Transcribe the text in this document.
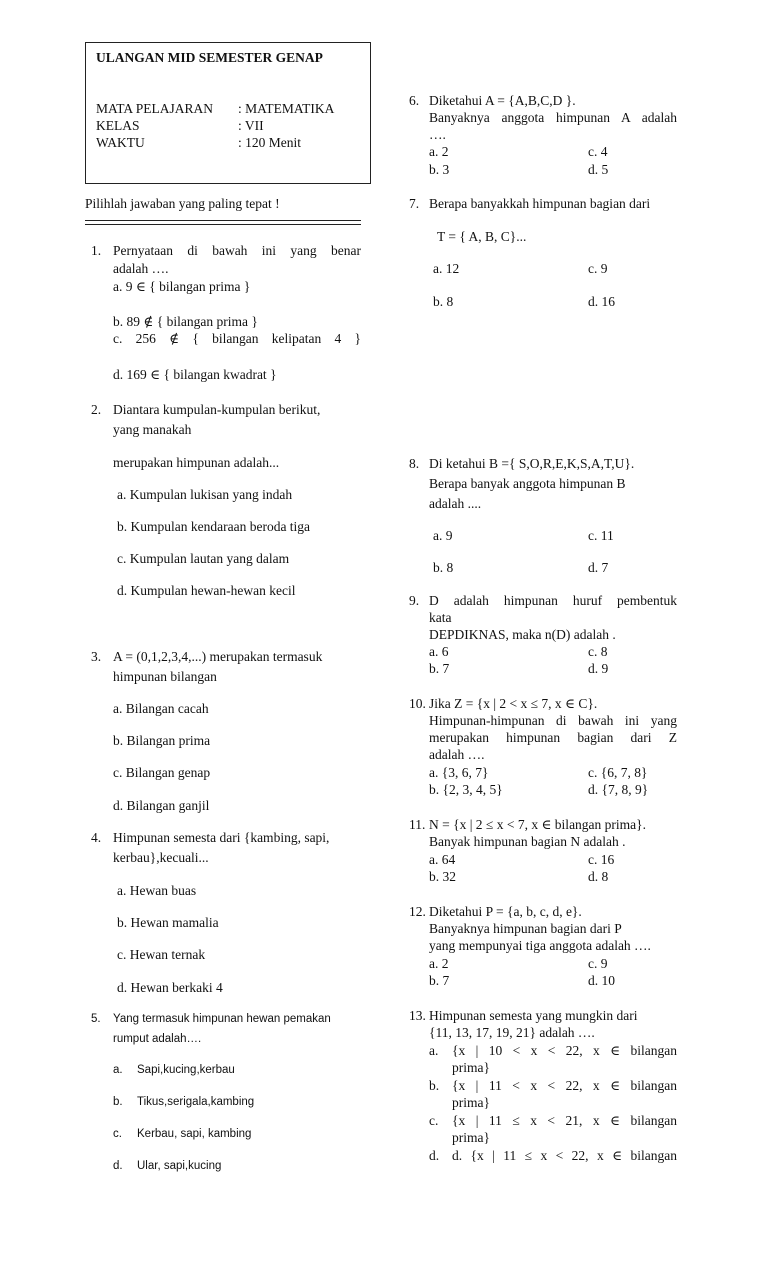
ULANGAN MID SEMESTER GENAP
MATA PELAJARAN : MATEMATIKA
KELAS	: VII
WAKTU	: 120 Menit
Pilihlah jawaban yang paling tepat !
1. Pernyataan di bawah ini yang benar
adalah ….
a. 9 ∈ { bilangan prima }
b. 89 ∉ { bilangan prima }
c. 256 ∉ { bilangan kelipatan 4 }
d. 169 ∈ { bilangan kwadrat }
2. Diantara kumpulan-kumpulan berikut,
yang manakah
merupakan himpunan adalah...
a. Kumpulan lukisan yang indah
b. Kumpulan kendaraan beroda tiga
c. Kumpulan lautan yang dalam
d. Kumpulan hewan-hewan kecil
3. A = (0,1,2,3,4,...) merupakan termasuk
himpunan bilangan
a. Bilangan cacah
b. Bilangan prima
c. Bilangan genap
d. Bilangan ganjil
4. Himpunan semesta dari {kambing, sapi,
kerbau},kecuali...
a. Hewan buas
b. Hewan mamalia
c. Hewan ternak
d. Hewan berkaki 4
5. Yang termasuk himpunan hewan pemakan
rumput adalah….
a. Sapi,kucing,kerbau
b. Tikus,serigala,kambing
c. Kerbau, sapi, kambing
d. Ular, sapi,kucing
6. Diketahui A = {A,B,C,D }.
Banyaknya anggota himpunan A adalah
….
a. 2	c. 4
b. 3	d. 5
7. Berapa banyakkah himpunan bagian dari
T = { A, B, C}...
a. 12	c. 9
b. 8	d. 16
8. Di ketahui B ={ S,O,R,E,K,S,A,T,U}.
Berapa banyak anggota himpunan B
adalah ....
a. 9	c. 11
b. 8	d. 7
9. D adalah himpunan huruf pembentuk
kata
DEPDIKNAS, maka n(D) adalah .
a. 6	c. 8
b. 7	d. 9
10. Jika Z = {x | 2 < x ≤ 7, x ∈ C}.
Himpunan-himpunan di bawah ini yang
merupakan himpunan bagian dari Z
adalah ….
a. {3, 6, 7}	c. {6, 7, 8}
b. {2, 3, 4, 5}	d. {7, 8, 9}
11. N = {x | 2 ≤ x < 7, x ∈ bilangan prima}.
Banyak himpunan bagian N adalah .
a. 64	c. 16
b. 32	d. 8
12. Diketahui P = {a, b, c, d, e}.
Banyaknya himpunan bagian dari P
yang mempunyai tiga anggota adalah ….
a. 2	c. 9
b. 7	d. 10
13. Himpunan semesta yang mungkin dari
{11, 13, 17, 19, 21} adalah ….
a. {x | 10 < x < 22, x ∈ bilangan
prima}
b. {x | 11 < x < 22, x ∈ bilangan
prima}
c. {x | 11 ≤ x < 21, x ∈ bilangan
prima}
d. d. {x | 11 ≤ x < 22, x ∈ bilangan
